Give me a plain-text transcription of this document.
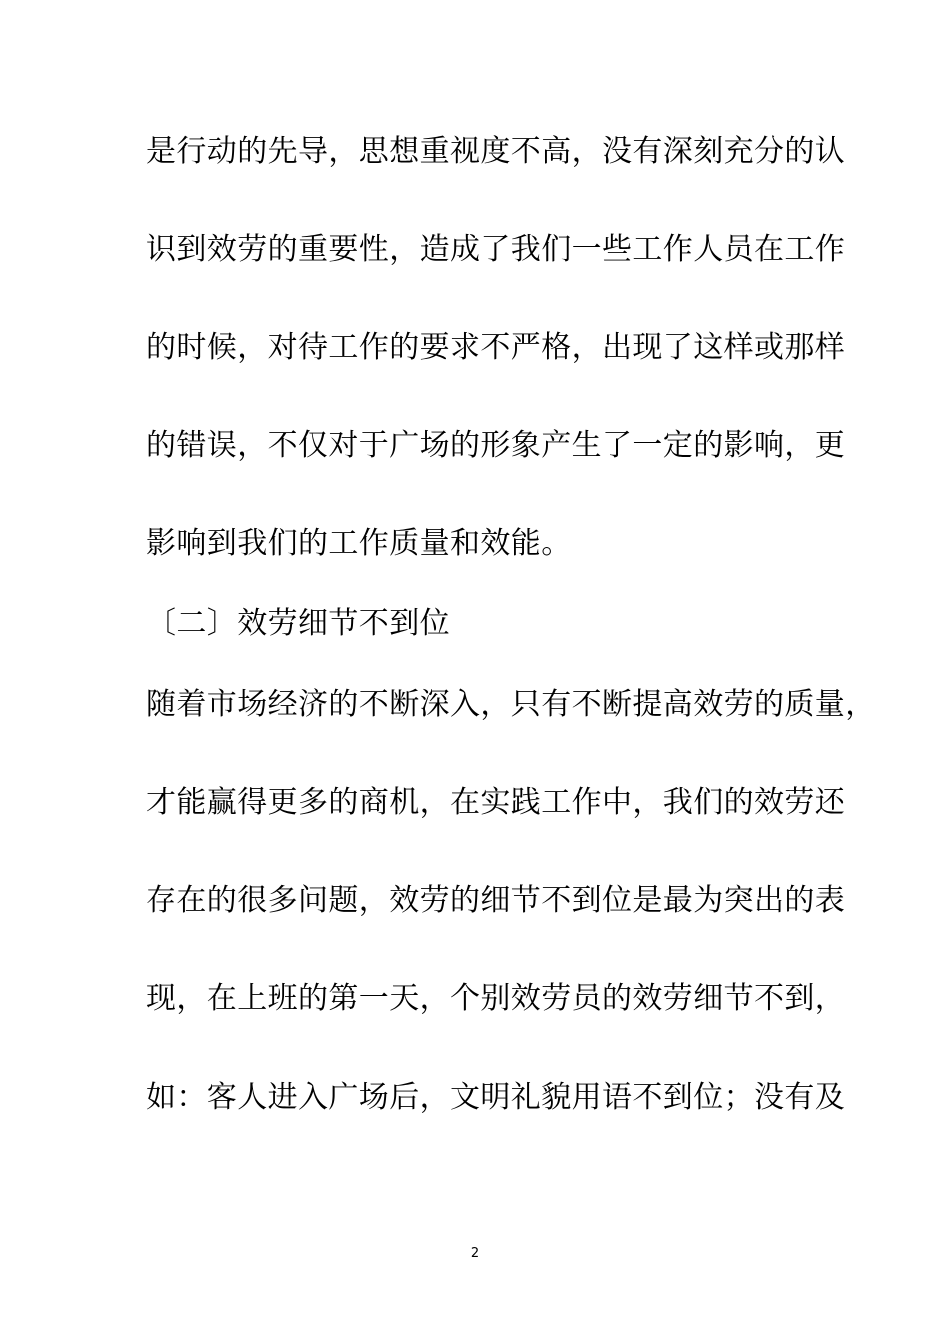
是行动的先导，思想重视度不高，没有深刻充分的认
识到效劳的重要性，造成了我们一些工作人员在工作
的时候，对待工作的要求不严格，出现了这样或那样
的错误，不仅对于广场的形象产生了一定的影响，更
影响到我们的工作质量和效能。
〔二〕效劳细节不到位
随着市场经济的不断深入，只有不断提高效劳的质量，
才能赢得更多的商机，在实践工作中，我们的效劳还
存在的很多问题，效劳的细节不到位是最为突出的表
现，在上班的第一天，个别效劳员的效劳细节不到，
如：客人进入广场后，文明礼貌用语不到位；没有及
2
